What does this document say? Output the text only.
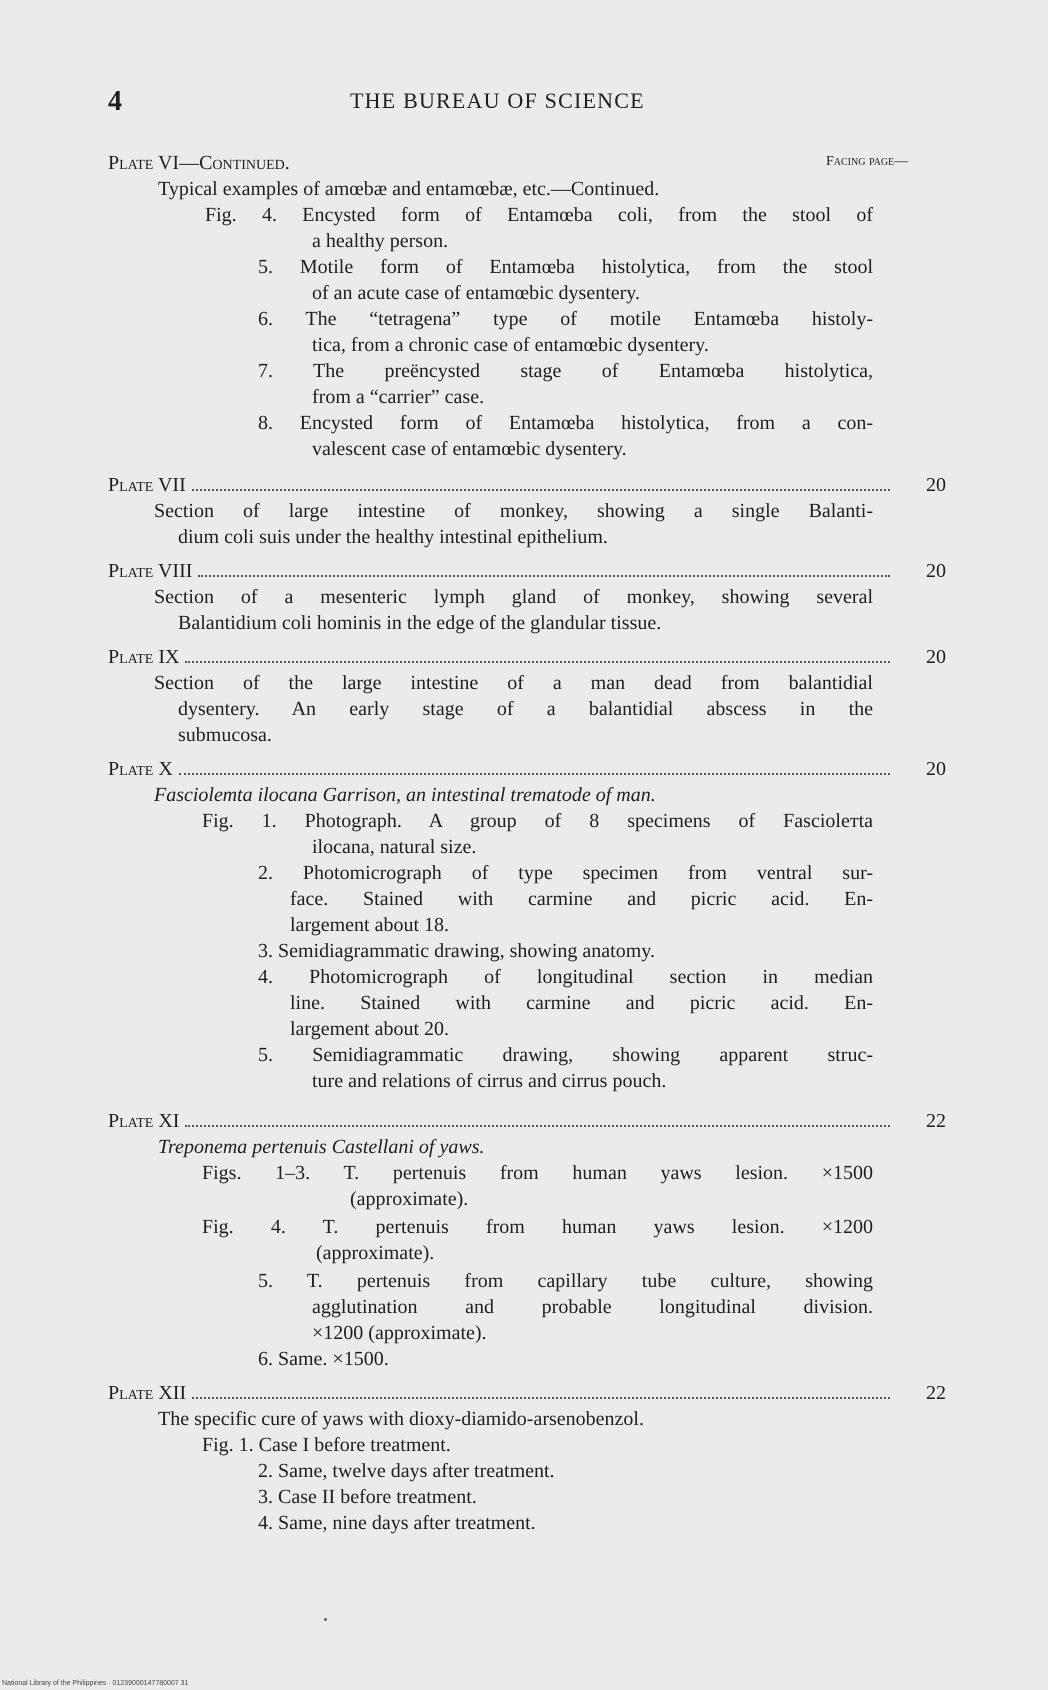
4	THE BUREAU OF SCIENCE
Plate VI—Continued.	Facing page—
Typical examples of amœbæ and entamœbæ, etc.—Continued.
Fig. 4. Encysted form of Entamœba coli, from the stool of
a healthy person.
5. Motile form of Entamœba histolytica, from the stool
of an acute case of entamœbic dysentery.
6. The “tetragena” type of motile Entamœba histoly-
tica, from a chronic case of entamœbic dysentery.
7. The preëncysted stage of Entamœba histolytica,
from a “carrier” case.
8. Encysted form of Entamœba histolytica, from a con-
valescent case of entamœbic dysentery.
Plate VII	20
Section of large intestine of monkey, showing a single Balanti-
dium coli suis under the healthy intestinal epithelium.
Plate VIII	20
Section of a mesenteric lymph gland of monkey, showing several
Balantidium coli hominis in the edge of the glandular tissue.
Plate IX	20
Section of the large intestine of a man dead from balantidial
dysentery. An early stage of a balantidial abscess in the
submucosa.
Plate X	20
Fasciolетta ilocana Garrison, an intestinal trematode of man.
Fig. 1. Photograph. A group of 8 specimens of Fasciolетta
ilocana, natural size.
2. Photomicrograph of type specimen from ventral sur-
face. Stained with carmine and picric acid. En-
largement about 18.
3. Semidiagrammatic drawing, showing anatomy.
4. Photomicrograph of longitudinal section in median
line. Stained with carmine and picric acid. En-
largement about 20.
5. Semidiagrammatic drawing, showing apparent struc-
ture and relations of cirrus and cirrus pouch.
Plate XI	22
Treponema pertenuis Castellani of yaws.
Figs. 1–3. T. pertenuis from human yaws lesion. ×1500
(approximate).
Fig. 4. T. pertenuis from human yaws lesion. ×1200
(approximate).
5. T. pertenuis from capillary tube culture, showing
agglutination and probable longitudinal division.
×1200 (approximate).
6. Same. ×1500.
Plate XII	22
The specific cure of yaws with dioxy-diamido-arsenobenzol.
Fig. 1. Case I before treatment.
2. Same, twelve days after treatment.
3. Case II before treatment.
4. Same, nine days after treatment.
National Library of the Philippines · 01239000147780007 31
